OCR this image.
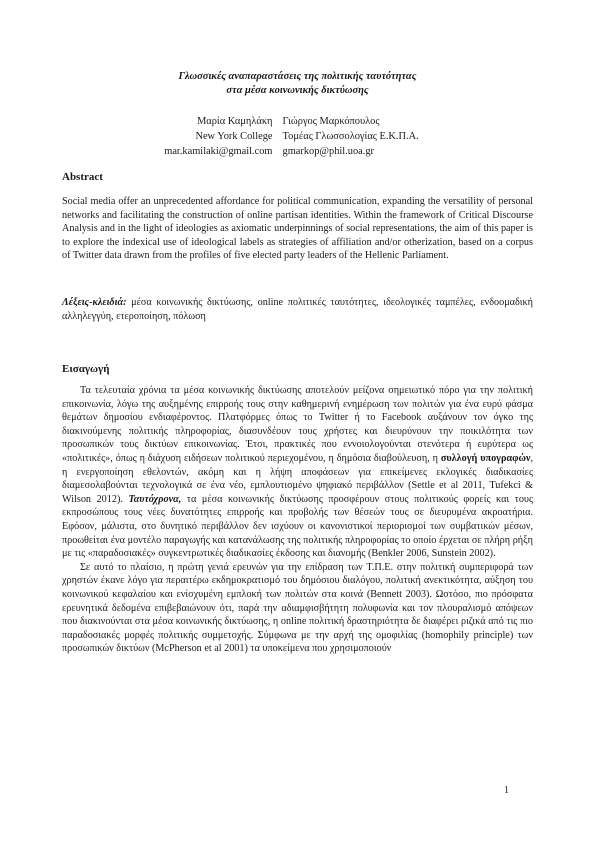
Γλωσσικές αναπαραστάσεις της πολιτικής ταυτότητας
στα μέσα κοινωνικής δικτύωσης
Μαρία Καμηλάκη Γιώργος Μαρκόπουλος
New York College Τομέας Γλωσσολογίας Ε.Κ.Π.Α.
mar.kamilaki@gmail.com gmarkop@phil.uoa.gr
Abstract

Social media offer an unprecedented affordance for political communication, expanding the versatility of personal networks and facilitating the construction of online partisan identities. Within the framework of Critical Discourse Analysis and in the light of ideologies as axiomatic underpinnings of social representations, the aim of this paper is to explore the indexical use of ideological labels as strategies of affiliation and/or otherization, based on a corpus of Twitter data drawn from the profiles of five elected party leaders of the Hellenic Parliament.

Λέξεις-κλειδιά: μέσα κοινωνικής δικτύωσης, online πολιτικές ταυτότητες, ιδεολογικές ταμπέλες, ενδοομαδική αλληλεγγύη, ετεροποίηση, πόλωση

Εισαγωγή

Τα τελευταία χρόνια τα μέσα κοινωνικής δικτύωσης αποτελούν μείζονα σημειωτικό πόρο για την πολιτική επικοινωνία, λόγω της αυξημένης επιρροής τους στην καθημερινή ενημέρωση των πολιτών για ένα ευρύ φάσμα θεμάτων δημοσίου ενδιαφέροντος. Πλατφόρμες όπως το Twitter ή το Facebook αυξάνουν τον όγκο της διακινούμενης πολιτικής πληροφορίας, διασυνδέουν τους χρήστες και διευρύνουν την ποικιλότητα των προσωπικών τους δικτύων επικοινωνίας. Έτσι, πρακτικές που εννοιολογούνται στενότερα ή ευρύτερα ως «πολιτικές», όπως η διάχυση ειδήσεων πολιτικού περιεχομένου, η δημόσια διαβούλευση, η συλλογή υπογραφών, η ενεργοποίηση εθελοντών, ακόμη και η λήψη αποφάσεων για επικείμενες εκλογικές διαδικασίες διαμεσολαβούνται τεχνολογικά σε ένα νέο, εμπλουτισμένο ψηφιακό περιβάλλον (Settle et al 2011, Tufekci & Wilson 2012). Ταυτόχρονα, τα μέσα κοινωνικής δικτύωσης προσφέρουν στους πολιτικούς φορείς και τους εκπροσώπους τους νέες δυνατότητες επιρροής και προβολής των θέσεών τους σε διευρυμένα ακροατήρια. Εφόσον, μάλιστα, στο δυνητικό περιβάλλον δεν ισχύουν οι κανονιστικοί περιορισμοί των συμβατικών μέσων, προωθείται ένα μοντέλο παραγωγής και κατανάλωσης της πολιτικής πληροφορίας το οποίο έρχεται σε πλήρη ρήξη με τις «παραδοσιακές» συγκεντρωτικές διαδικασίες έκδοσης και διανομής (Benkler 2006, Sunstein 2002).

Σε αυτό το πλαίσιο, η πρώτη γενιά ερευνών για την επίδραση των Τ.Π.Ε. στην πολιτική συμπεριφορά των χρηστών έκανε λόγο για περαιτέρω εκδημοκρατισμό του δημόσιου διαλόγου, πολιτική ανεκτικότητα, αύξηση του κοινωνικού κεφαλαίου και ενίσχυμένη εμπλοκή των πολιτών στα κοινά (Bennett 2003). Ωστόσο, πιο πρόσφατα ερευνητικά δεδομένα επιβεβαιώνουν ότι, παρά την αδιαμφισβήτητη πολυφωνία και τον πλουραλισμό απόψεων που διακινούνται στα μέσα κοινωνικής δικτύωσης, η online πολιτική δραστηριότητα δε διαφέρει ριζικά από τις πιο παραδοσιακές μορφές πολιτικής συμμετοχής. Σύμφωνα με την αρχή της ομοφιλίας (homophily principle) των προσωπικών δικτύων (McPherson et al 2001) τα υποκείμενα που χρησιμοποιούν

1
